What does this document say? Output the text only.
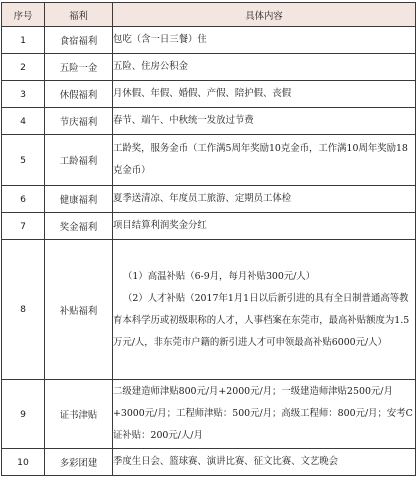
序号	福利	具体内容
1	食宿福利	包吃（含一日三餐）住

2	五险一金	五险、住房公积金

3	休假福利	月休假、年假、婚假、产假、陪护假、丧假

4	节庆福利	春节、端午、中秋统一发放过节费

5	工龄福利	工龄奖，服务金币（工作满5周年奖励10克金币，工作满10周年奖励18克金币）

6	健康福利	夏季送清凉、年度员工旅游、定期员工体检

7	奖金福利	项目结算利润奖金分红

8	补贴福利	（1）高温补贴（6-9月，每月补贴300元/人）
（2）人才补贴（2017年1月1日以后新引进的具有全日制普通高等教育本科学历或初级职称的人才，人事档案在东莞市，最高补贴额度为1.5万元/人，非东莞市户籍的新引进人才可申领最高补贴6000元/人）

9	证书津贴	二级建造师津贴800元/月+2000元/月；一级建造师津贴2500元/月+3000元/月；工程师津贴：500元/月；高级工程师：800元/月；安考C证补贴：200元/人/月

10	多彩团建	季度生日会、篮球赛、演讲比赛、征文比赛、文艺晚会
